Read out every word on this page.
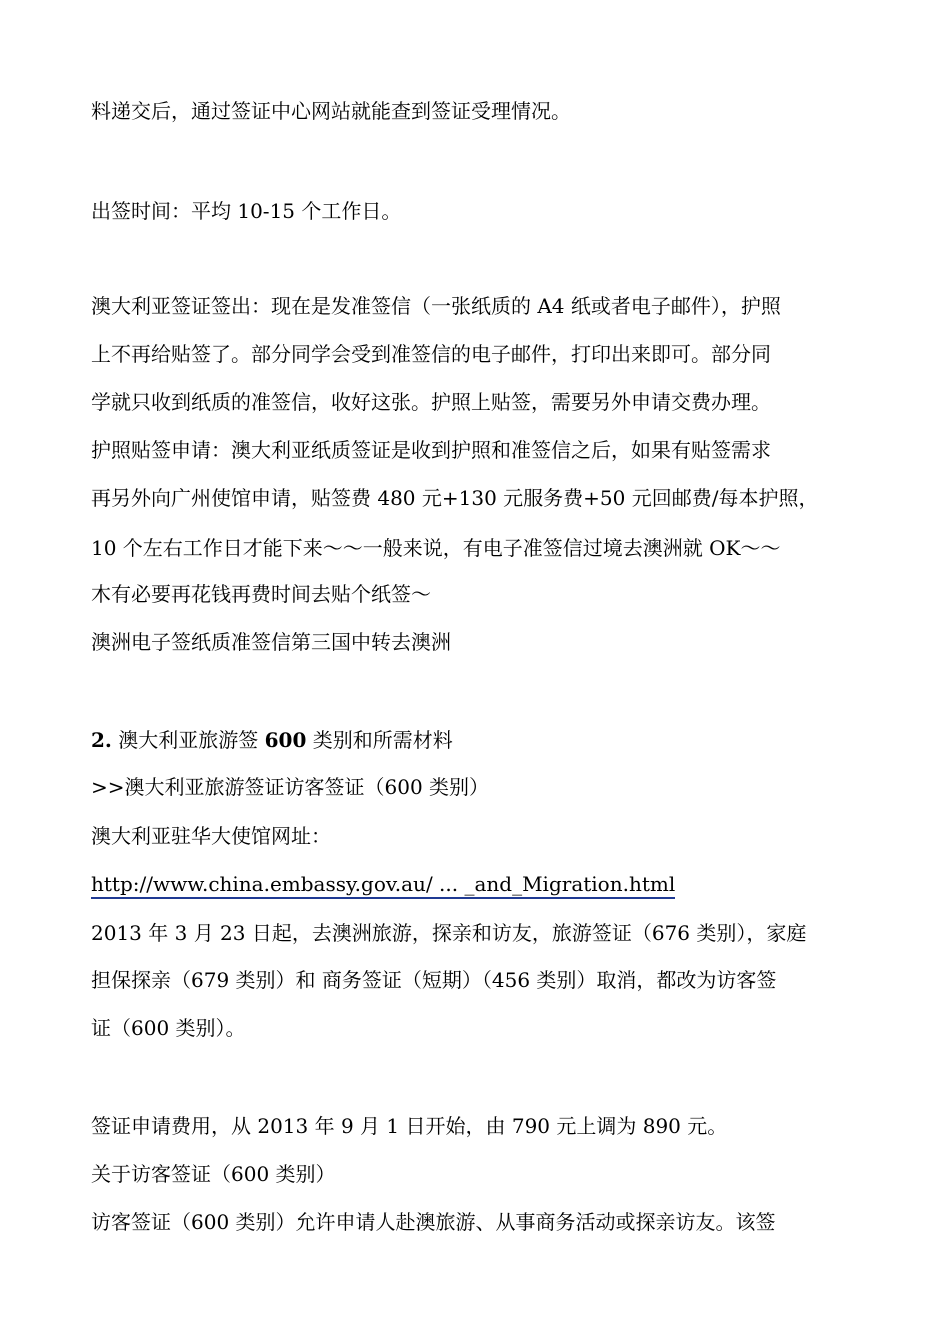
料递交后，通过签证中心网站就能查到签证受理情况。
出签时间：平均 10-15 个工作日。
澳大利亚签证签出：现在是发准签信（一张纸质的 A4 纸或者电子邮件），护照
上不再给贴签了。部分同学会受到准签信的电子邮件，打印出来即可。部分同
学就只收到纸质的准签信，收好这张。护照上贴签，需要另外申请交费办理。
护照贴签申请：澳大利亚纸质签证是收到护照和准签信之后，如果有贴签需求
再另外向广州使馆申请，贴签费 480 元+130 元服务费+50 元回邮费/每本护照，
10 个左右工作日才能下来～～一般来说，有电子准签信过境去澳洲就 OK～～
木有必要再花钱再费时间去贴个纸签～
澳洲电子签纸质准签信第三国中转去澳洲
2. 澳大利亚旅游签 600 类别和所需材料
>>澳大利亚旅游签证访客签证（600 类别）
澳大利亚驻华大使馆网址：
http://www.china.embassy.gov.au/ ... _and_Migration.html
2013 年 3 月 23 日起，去澳洲旅游，探亲和访友，旅游签证（676 类别），家庭
担保探亲（679 类别）和 商务签证（短期）（456 类别）取消，都改为访客签
证（600 类别）。
签证申请费用，从 2013 年 9 月 1 日开始，由 790 元上调为 890 元。
关于访客签证（600 类别）
访客签证（600 类别）允许申请人赴澳旅游、从事商务活动或探亲访友。该签
